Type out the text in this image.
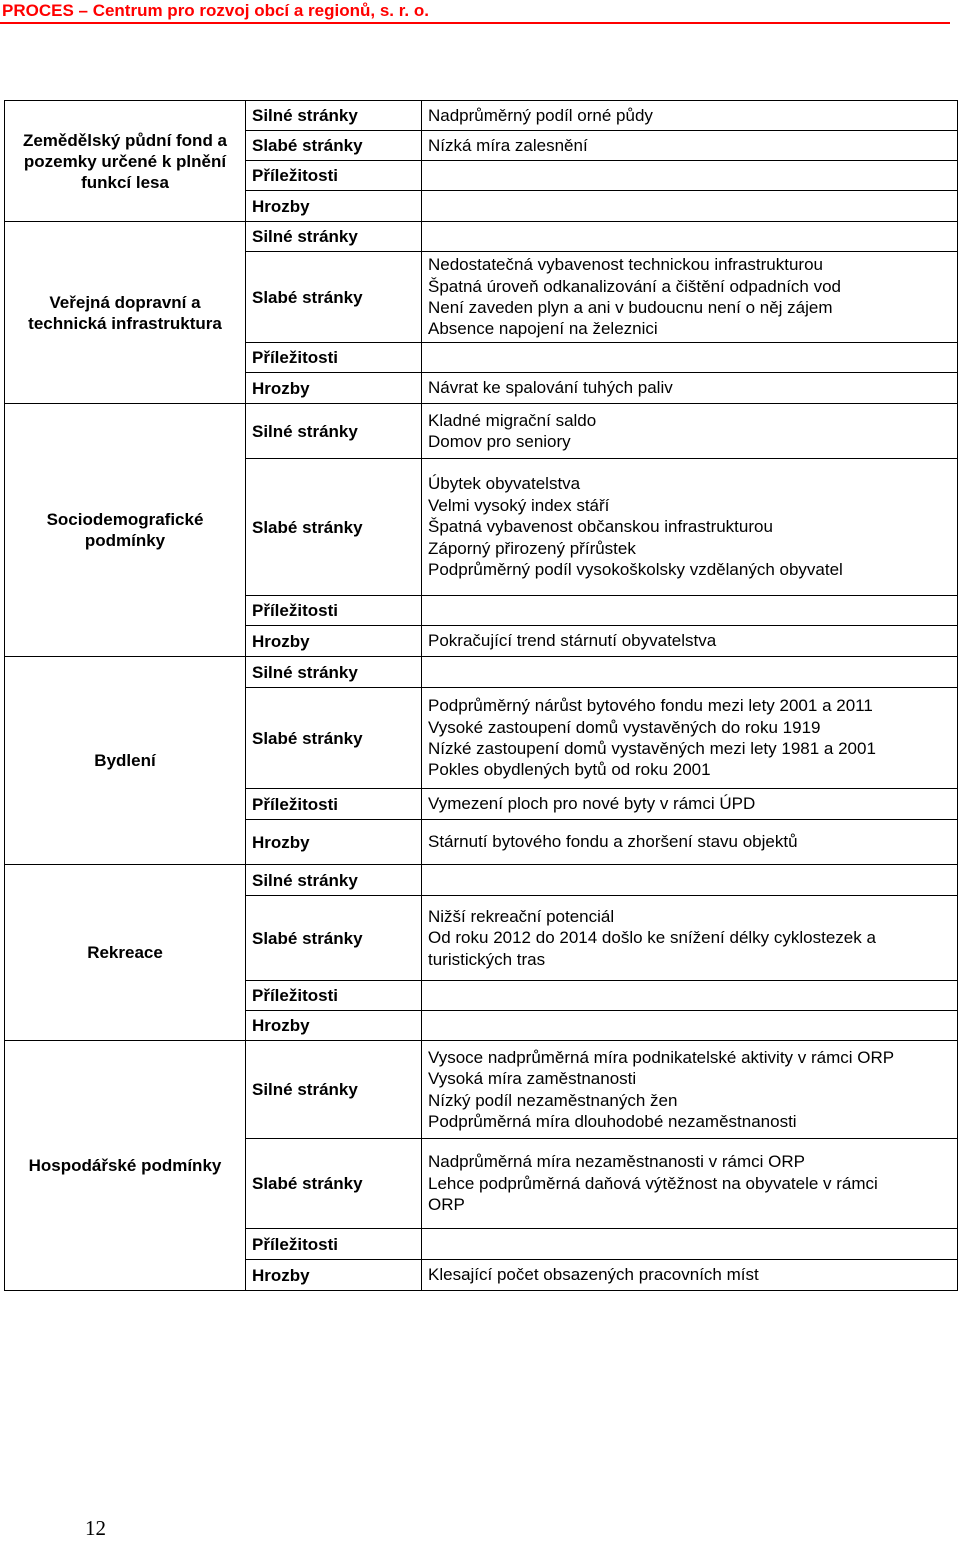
PROCES – Centrum pro rozvoj obcí a regionů, s. r. o.
Zemědělský půdní fond a pozemky určené k plnění funkcí lesa	Silné stránky	Nadprůměrný podíl orné půdy

	Slabé stránky	Nízká míra zalesnění

	Příležitosti	
	Hrozby	
Veřejná dopravní a technická infrastruktura	Silné stránky	
	Slabé stránky	Nedostatečná vybavenost technickou infrastrukturou
Špatná úroveň odkanalizování a čištění odpadních vod
Není zaveden plyn a ani v budoucnu není o něj zájem
Absence napojení na železnici

	Příležitosti	
	Hrozby	Návrat ke spalování tuhých paliv

Sociodemografické podmínky	Silné stránky	Kladné migrační saldo
Domov pro seniory

	Slabé stránky	Úbytek obyvatelstva
Velmi vysoký index stáří
Špatná vybavenost občanskou infrastrukturou
Záporný přirozený přírůstek
Podprůměrný podíl vysokoškolsky vzdělaných obyvatel

	Příležitosti	
	Hrozby	Pokračující trend stárnutí obyvatelstva

Bydlení	Silné stránky	
	Slabé stránky	Podprůměrný nárůst bytového fondu mezi lety 2001 a 2011
Vysoké zastoupení domů vystavěných do roku 1919
Nízké zastoupení domů vystavěných mezi lety 1981 a 2001
Pokles obydlených bytů od roku 2001

	Příležitosti	Vymezení ploch pro nové byty v rámci ÚPD

	Hrozby	Stárnutí bytového fondu a zhoršení stavu objektů

Rekreace	Silné stránky	
	Slabé stránky	Nižší rekreační potenciál
Od roku 2012 do 2014 došlo ke snížení délky cyklostezek a
turistických tras

	Příležitosti	
	Hrozby	
Hospodářské podmínky	Silné stránky	Vysoce nadprůměrná míra podnikatelské aktivity v rámci ORP
Vysoká míra zaměstnanosti
Nízký podíl nezaměstnaných žen
Podprůměrná míra dlouhodobé nezaměstnanosti

	Slabé stránky	Nadprůměrná míra nezaměstnanosti v rámci ORP
Lehce podprůměrná daňová výtěžnost na obyvatele v rámci
ORP

	Příležitosti	
	Hrozby	Klesající počet obsazených pracovních míst
12
